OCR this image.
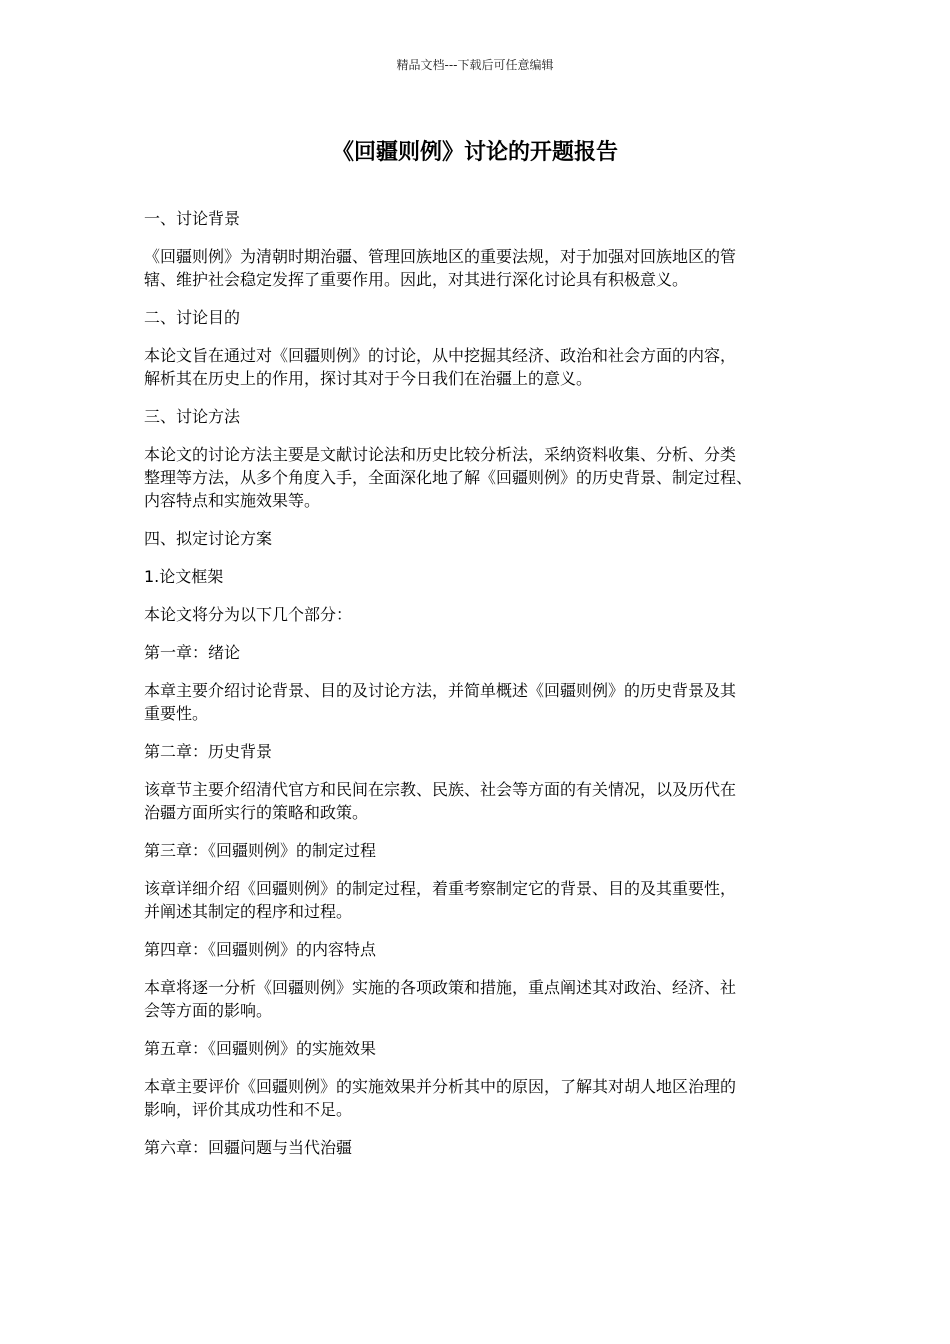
精品文档---下载后可任意编辑
《回疆则例》讨论的开题报告

一、讨论背景

《回疆则例》为清朝时期治疆、管理回族地区的重要法规，对于加强对回族地区的管
辖、维护社会稳定发挥了重要作用。因此，对其进行深化讨论具有积极意义。

二、讨论目的

本论文旨在通过对《回疆则例》的讨论，从中挖掘其经济、政治和社会方面的内容，
解析其在历史上的作用，探讨其对于今日我们在治疆上的意义。

三、讨论方法

本论文的讨论方法主要是文献讨论法和历史比较分析法，采纳资料收集、分析、分类
整理等方法，从多个角度入手，全面深化地了解《回疆则例》的历史背景、制定过程、
内容特点和实施效果等。

四、拟定讨论方案

1.论文框架

本论文将分为以下几个部分：

第一章：绪论

本章主要介绍讨论背景、目的及讨论方法，并简单概述《回疆则例》的历史背景及其
重要性。

第二章：历史背景

该章节主要介绍清代官方和民间在宗教、民族、社会等方面的有关情况，以及历代在
治疆方面所实行的策略和政策。

第三章：《回疆则例》的制定过程

该章详细介绍《回疆则例》的制定过程，着重考察制定它的背景、目的及其重要性，
并阐述其制定的程序和过程。

第四章：《回疆则例》的内容特点

本章将逐一分析《回疆则例》实施的各项政策和措施，重点阐述其对政治、经济、社
会等方面的影响。

第五章：《回疆则例》的实施效果

本章主要评价《回疆则例》的实施效果并分析其中的原因，了解其对胡人地区治理的
影响，评价其成功性和不足。

第六章：回疆问题与当代治疆
